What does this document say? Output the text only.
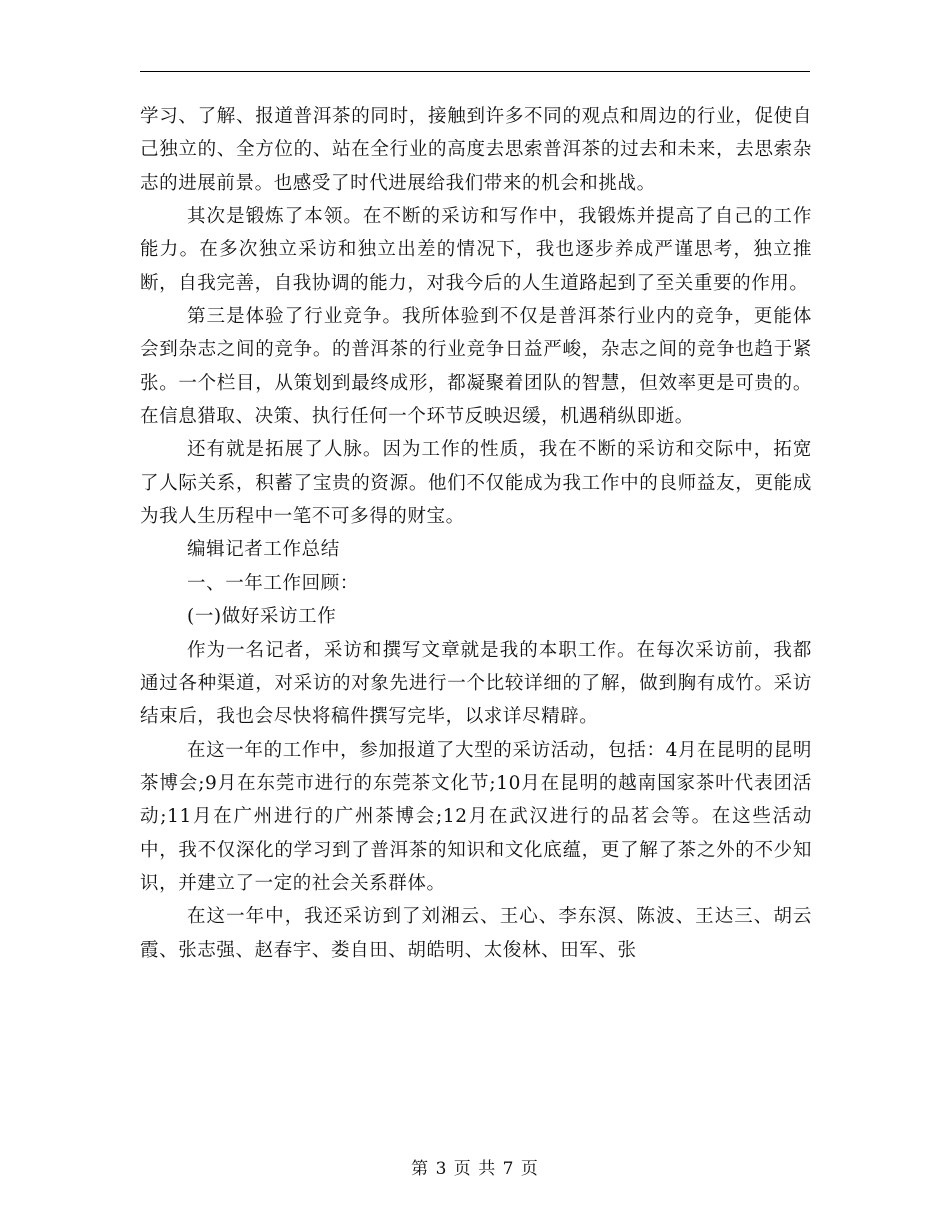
学习、了解、报道普洱茶的同时，接触到许多不同的观点和周边的行业，促使自己独立的、全方位的、站在全行业的高度去思索普洱茶的过去和未来，去思索杂志的进展前景。也感受了时代进展给我们带来的机会和挑战。

其次是锻炼了本领。在不断的采访和写作中，我锻炼并提高了自己的工作能力。在多次独立采访和独立出差的情况下，我也逐步养成严谨思考，独立推断，自我完善，自我协调的能力，对我今后的人生道路起到了至关重要的作用。

第三是体验了行业竞争。我所体验到不仅是普洱茶行业内的竞争，更能体会到杂志之间的竞争。的普洱茶的行业竞争日益严峻，杂志之间的竞争也趋于紧张。一个栏目，从策划到最终成形，都凝聚着团队的智慧，但效率更是可贵的。在信息猎取、决策、执行任何一个环节反映迟缓，机遇稍纵即逝。

还有就是拓展了人脉。因为工作的性质，我在不断的采访和交际中，拓宽了人际关系，积蓄了宝贵的资源。他们不仅能成为我工作中的良师益友，更能成为我人生历程中一笔不可多得的财宝。

编辑记者工作总结

一、一年工作回顾：

(一)做好采访工作

作为一名记者，采访和撰写文章就是我的本职工作。在每次采访前，我都通过各种渠道，对采访的对象先进行一个比较详细的了解，做到胸有成竹。采访结束后，我也会尽快将稿件撰写完毕，以求详尽精辟。

在这一年的工作中，参加报道了大型的采访活动，包括：4月在昆明的昆明茶博会;9月在东莞市进行的东莞茶文化节;10月在昆明的越南国家茶叶代表团活动;11月在广州进行的广州茶博会;12月在武汉进行的品茗会等。在这些活动中，我不仅深化的学习到了普洱茶的知识和文化底蕴，更了解了茶之外的不少知识，并建立了一定的社会关系群体。

在这一年中，我还采访到了刘湘云、王心、李东溟、陈波、王达三、胡云霞、张志强、赵春宇、娄自田、胡皓明、太俊林、田军、张

第 3 页 共 7 页
